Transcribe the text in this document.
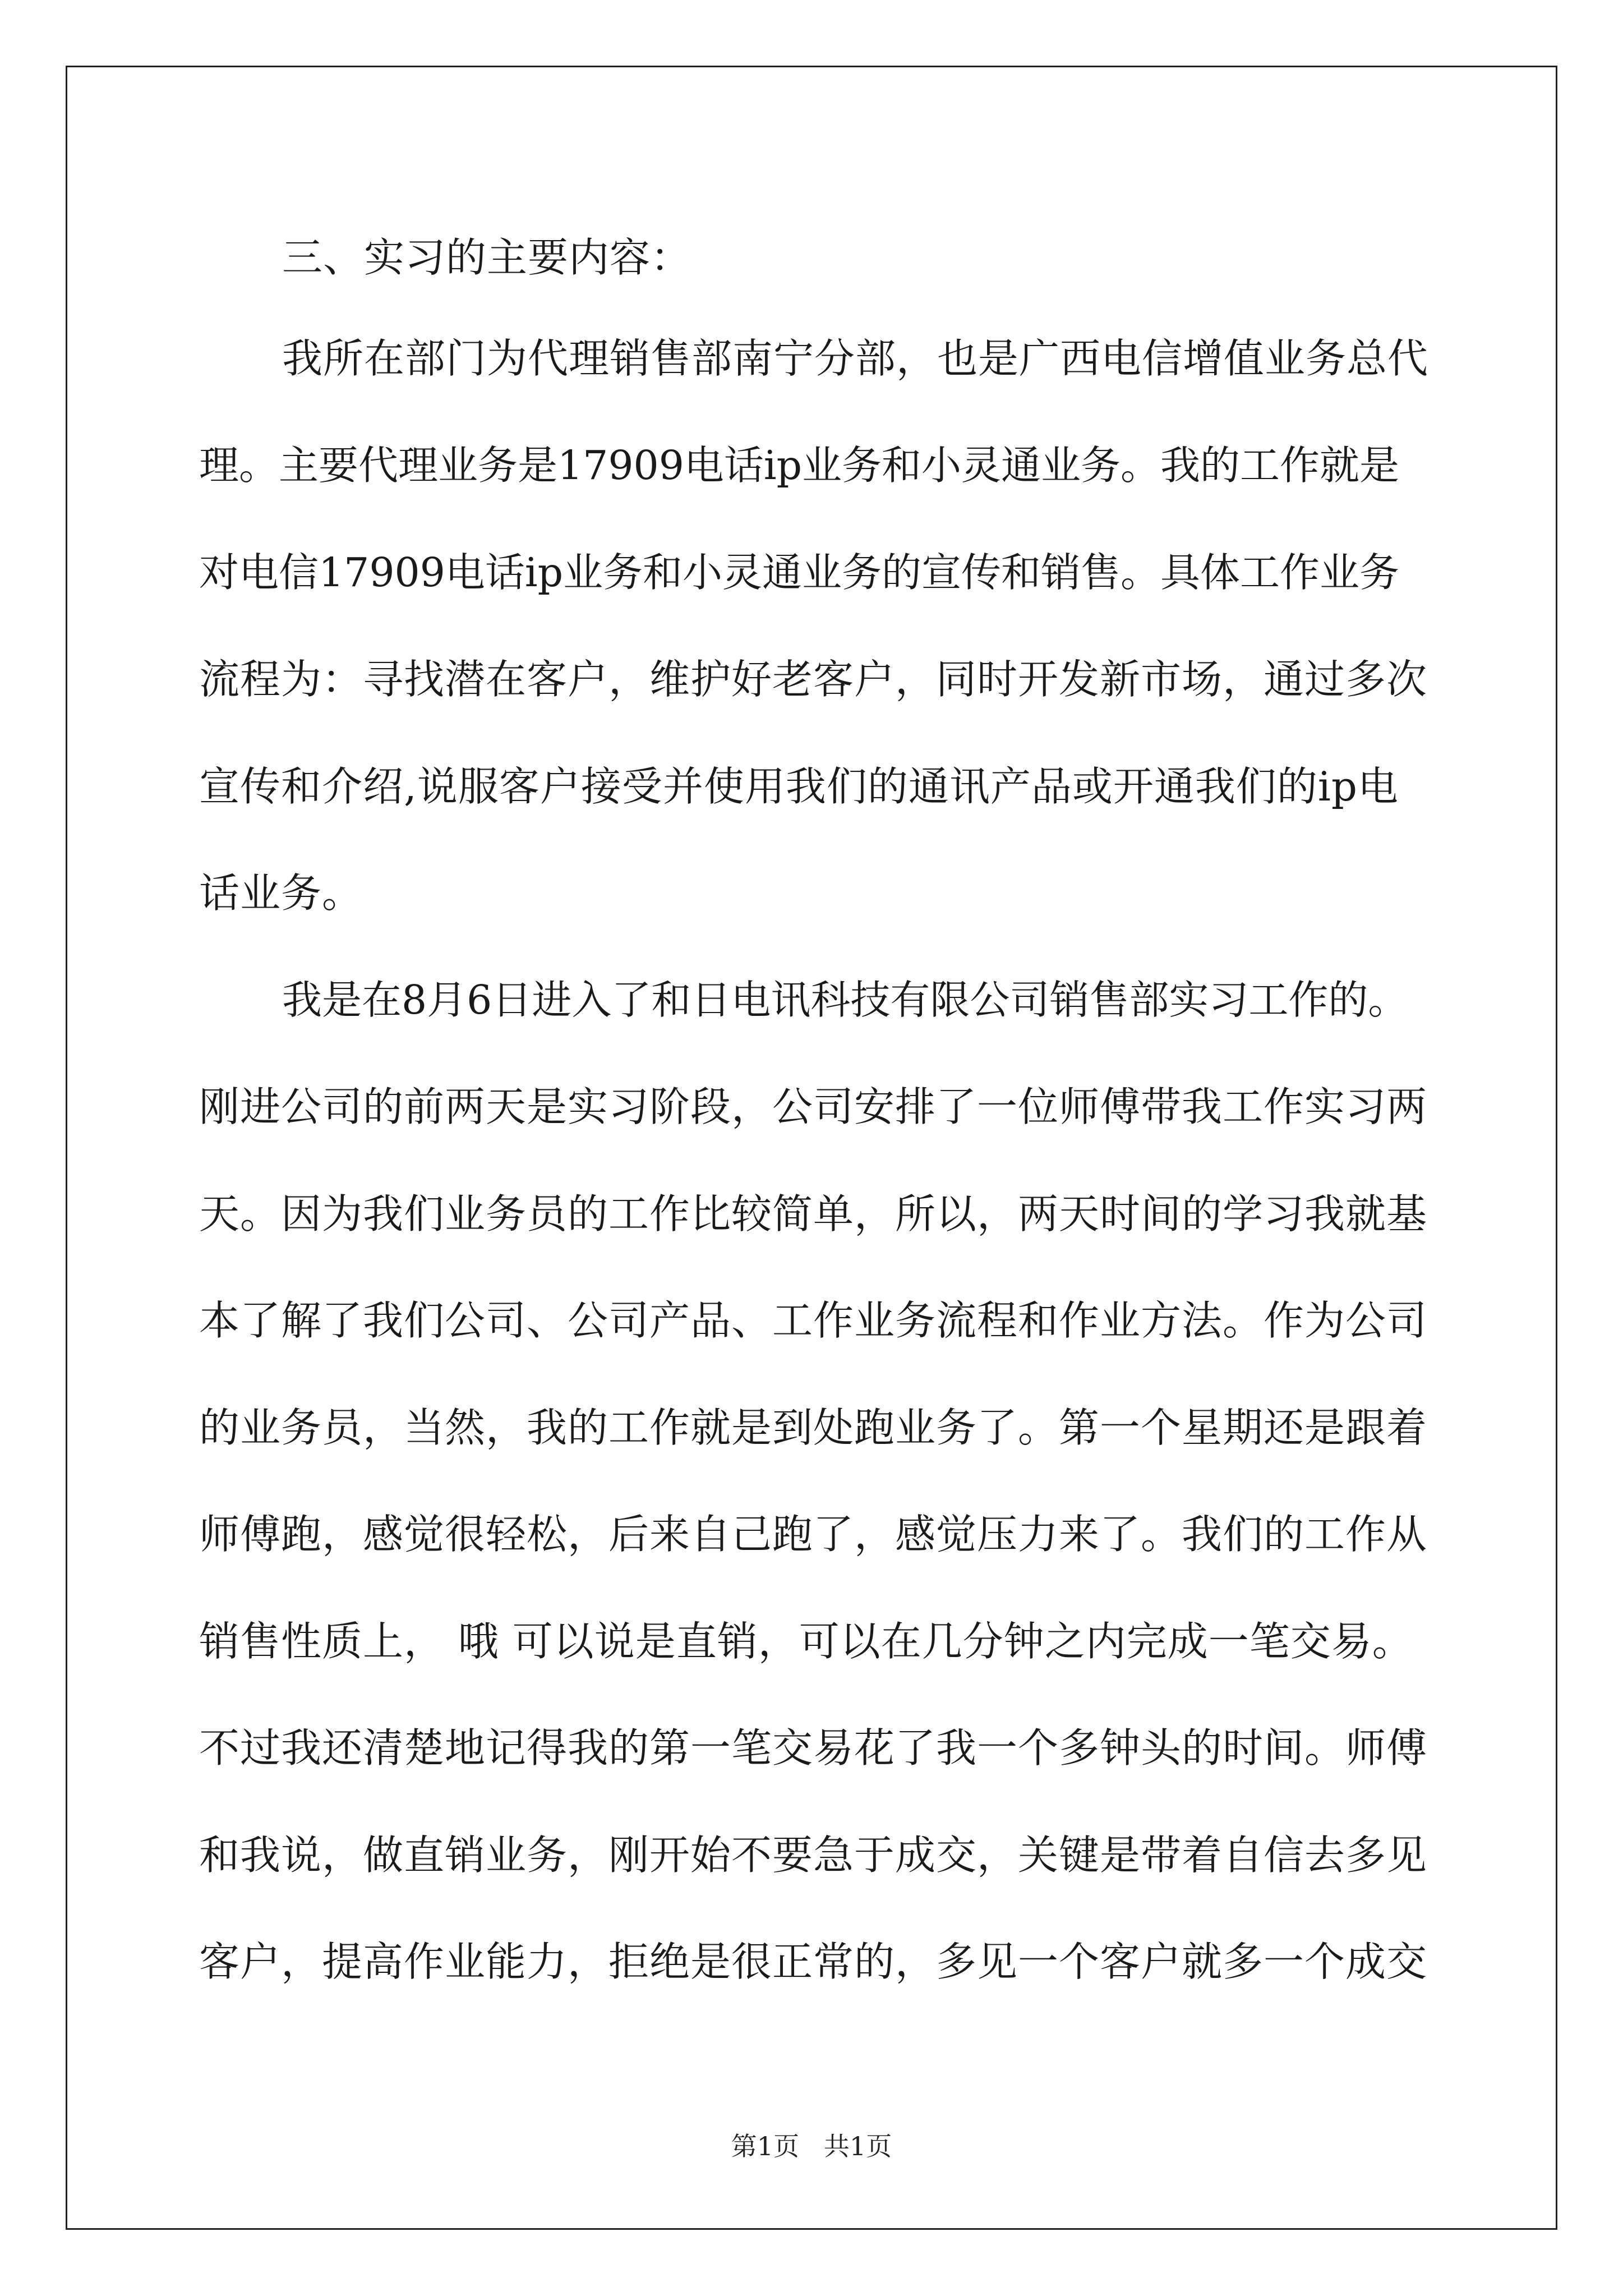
三、实习的主要内容：
我所在部门为代理销售部南宁分部，也是广西电信增值业务总代
理。主要代理业务是17909电话ip业务和小灵通业务。我的工作就是
对电信17909电话ip业务和小灵通业务的宣传和销售。具体工作业务
流程为：寻找潜在客户，维护好老客户，同时开发新市场，通过多次
宣传和介绍,说服客户接受并使用我们的通讯产品或开通我们的ip电
话业务。
我是在8月6日进入了和日电讯科技有限公司销售部实习工作的。
刚进公司的前两天是实习阶段，公司安排了一位师傅带我工作实习两
天。因为我们业务员的工作比较简单，所以，两天时间的学习我就基
本了解了我们公司、公司产品、工作业务流程和作业方法。作为公司
的业务员，当然，我的工作就是到处跑业务了。第一个星期还是跟着
师傅跑，感觉很轻松，后来自己跑了，感觉压力来了。我们的工作从
销售性质上， 哦 可以说是直销，可以在几分钟之内完成一笔交易。
不过我还清楚地记得我的第一笔交易花了我一个多钟头的时间。师傅
和我说，做直销业务，刚开始不要急于成交，关键是带着自信去多见
客户，提高作业能力，拒绝是很正常的，多见一个客户就多一个成交
第1页   共1页
